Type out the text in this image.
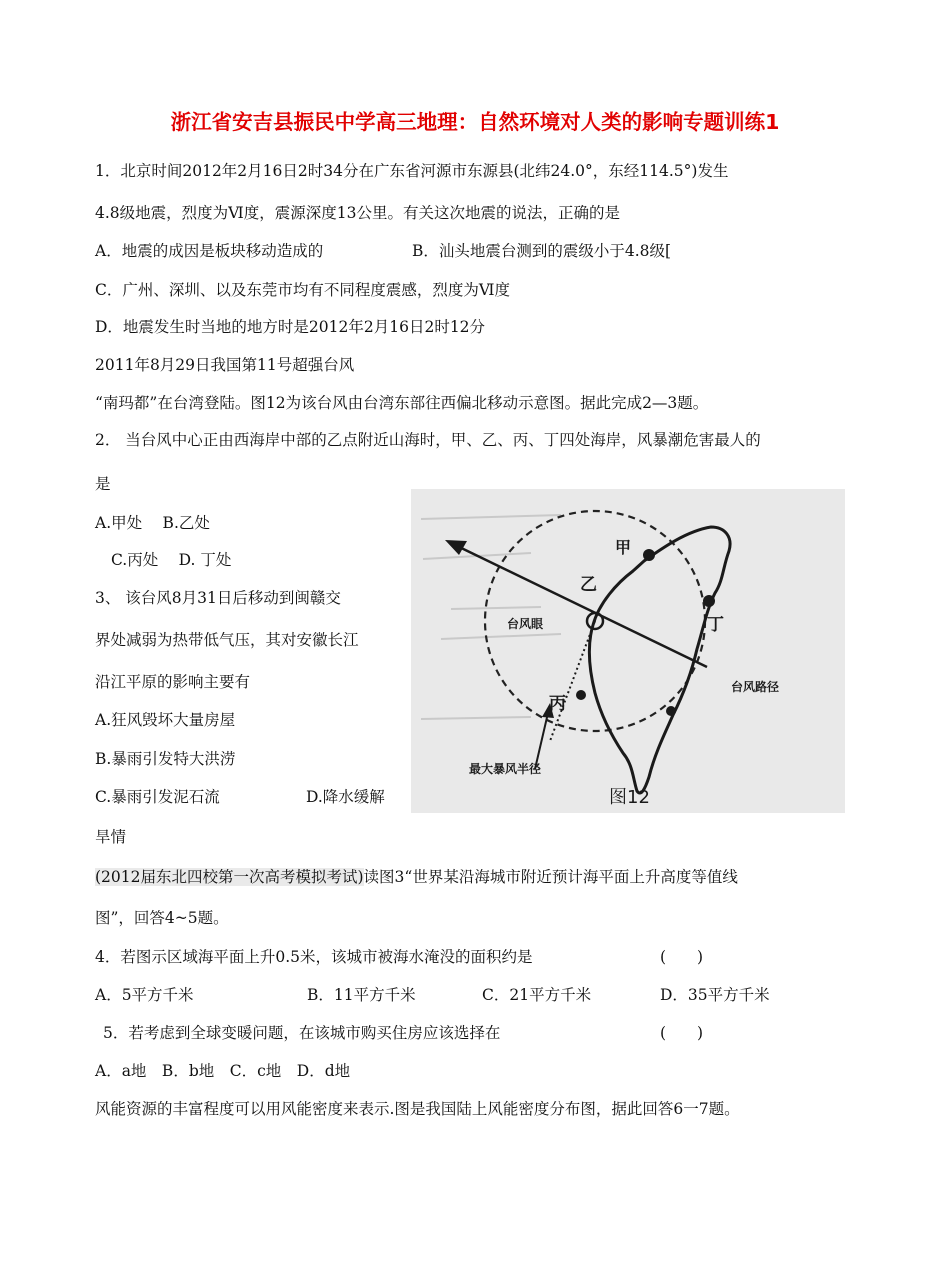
浙江省安吉县振民中学高三地理：自然环境对人类的影响专题训练1
1．北京时间2012年2月16日2时34分在广东省河源市东源县(北纬24.0°，东经114.5°)发生
4.8级地震，烈度为Ⅵ度，震源深度13公里。有关这次地震的说法，正确的是
A．地震的成因是板块移动造成的	B．汕头地震台测到的震级小于4.8级[
C．广州、深圳、以及东莞市均有不同程度震感，烈度为Ⅵ度
D．地震发生时当地的地方时是2012年2月16日2时12分
2011年8月29日我国第11号超强台风
“南玛都”在台湾登陆。图12为该台风由台湾东部往西偏北移动示意图。据此完成2—3题。
2． 当台风中心正由西海岸中部的乙点附近山海时，甲、乙、丙、丁四处海岸，风暴潮危害最人的
是
A.甲处　 B.乙处
C.丙处　 D. 丁处
3、 该台风8月31日后移动到闽赣交
界处减弱为热带低气压，其对安徽长江
沿江平原的影响主要有
A.狂风毁坏大量房屋
B.暴雨引发特大洪涝
C.暴雨引发泥石流	D.降水缓解
旱情
甲
乙
丁
丙
台风眼
台风路径
最大暴风半径
图12
(2012届东北四校第一次高考模拟考试)读图3“世界某沿海城市附近预计海平面上升高度等值线
图”，回答4~5题。
4．若图示区域海平面上升0.5米，该城市被海水淹没的面积约是	(　　)
A．5平方千米	B．11平方千米	C．21平方千米	D．35平方千米
5．若考虑到全球变暖问题，在该城市购买住房应该选择在	(　　)
A．a地　B．b地　C．c地　D．d地
风能资源的丰富程度可以用风能密度来表示.图是我国陆上风能密度分布图，据此回答6一7题。
